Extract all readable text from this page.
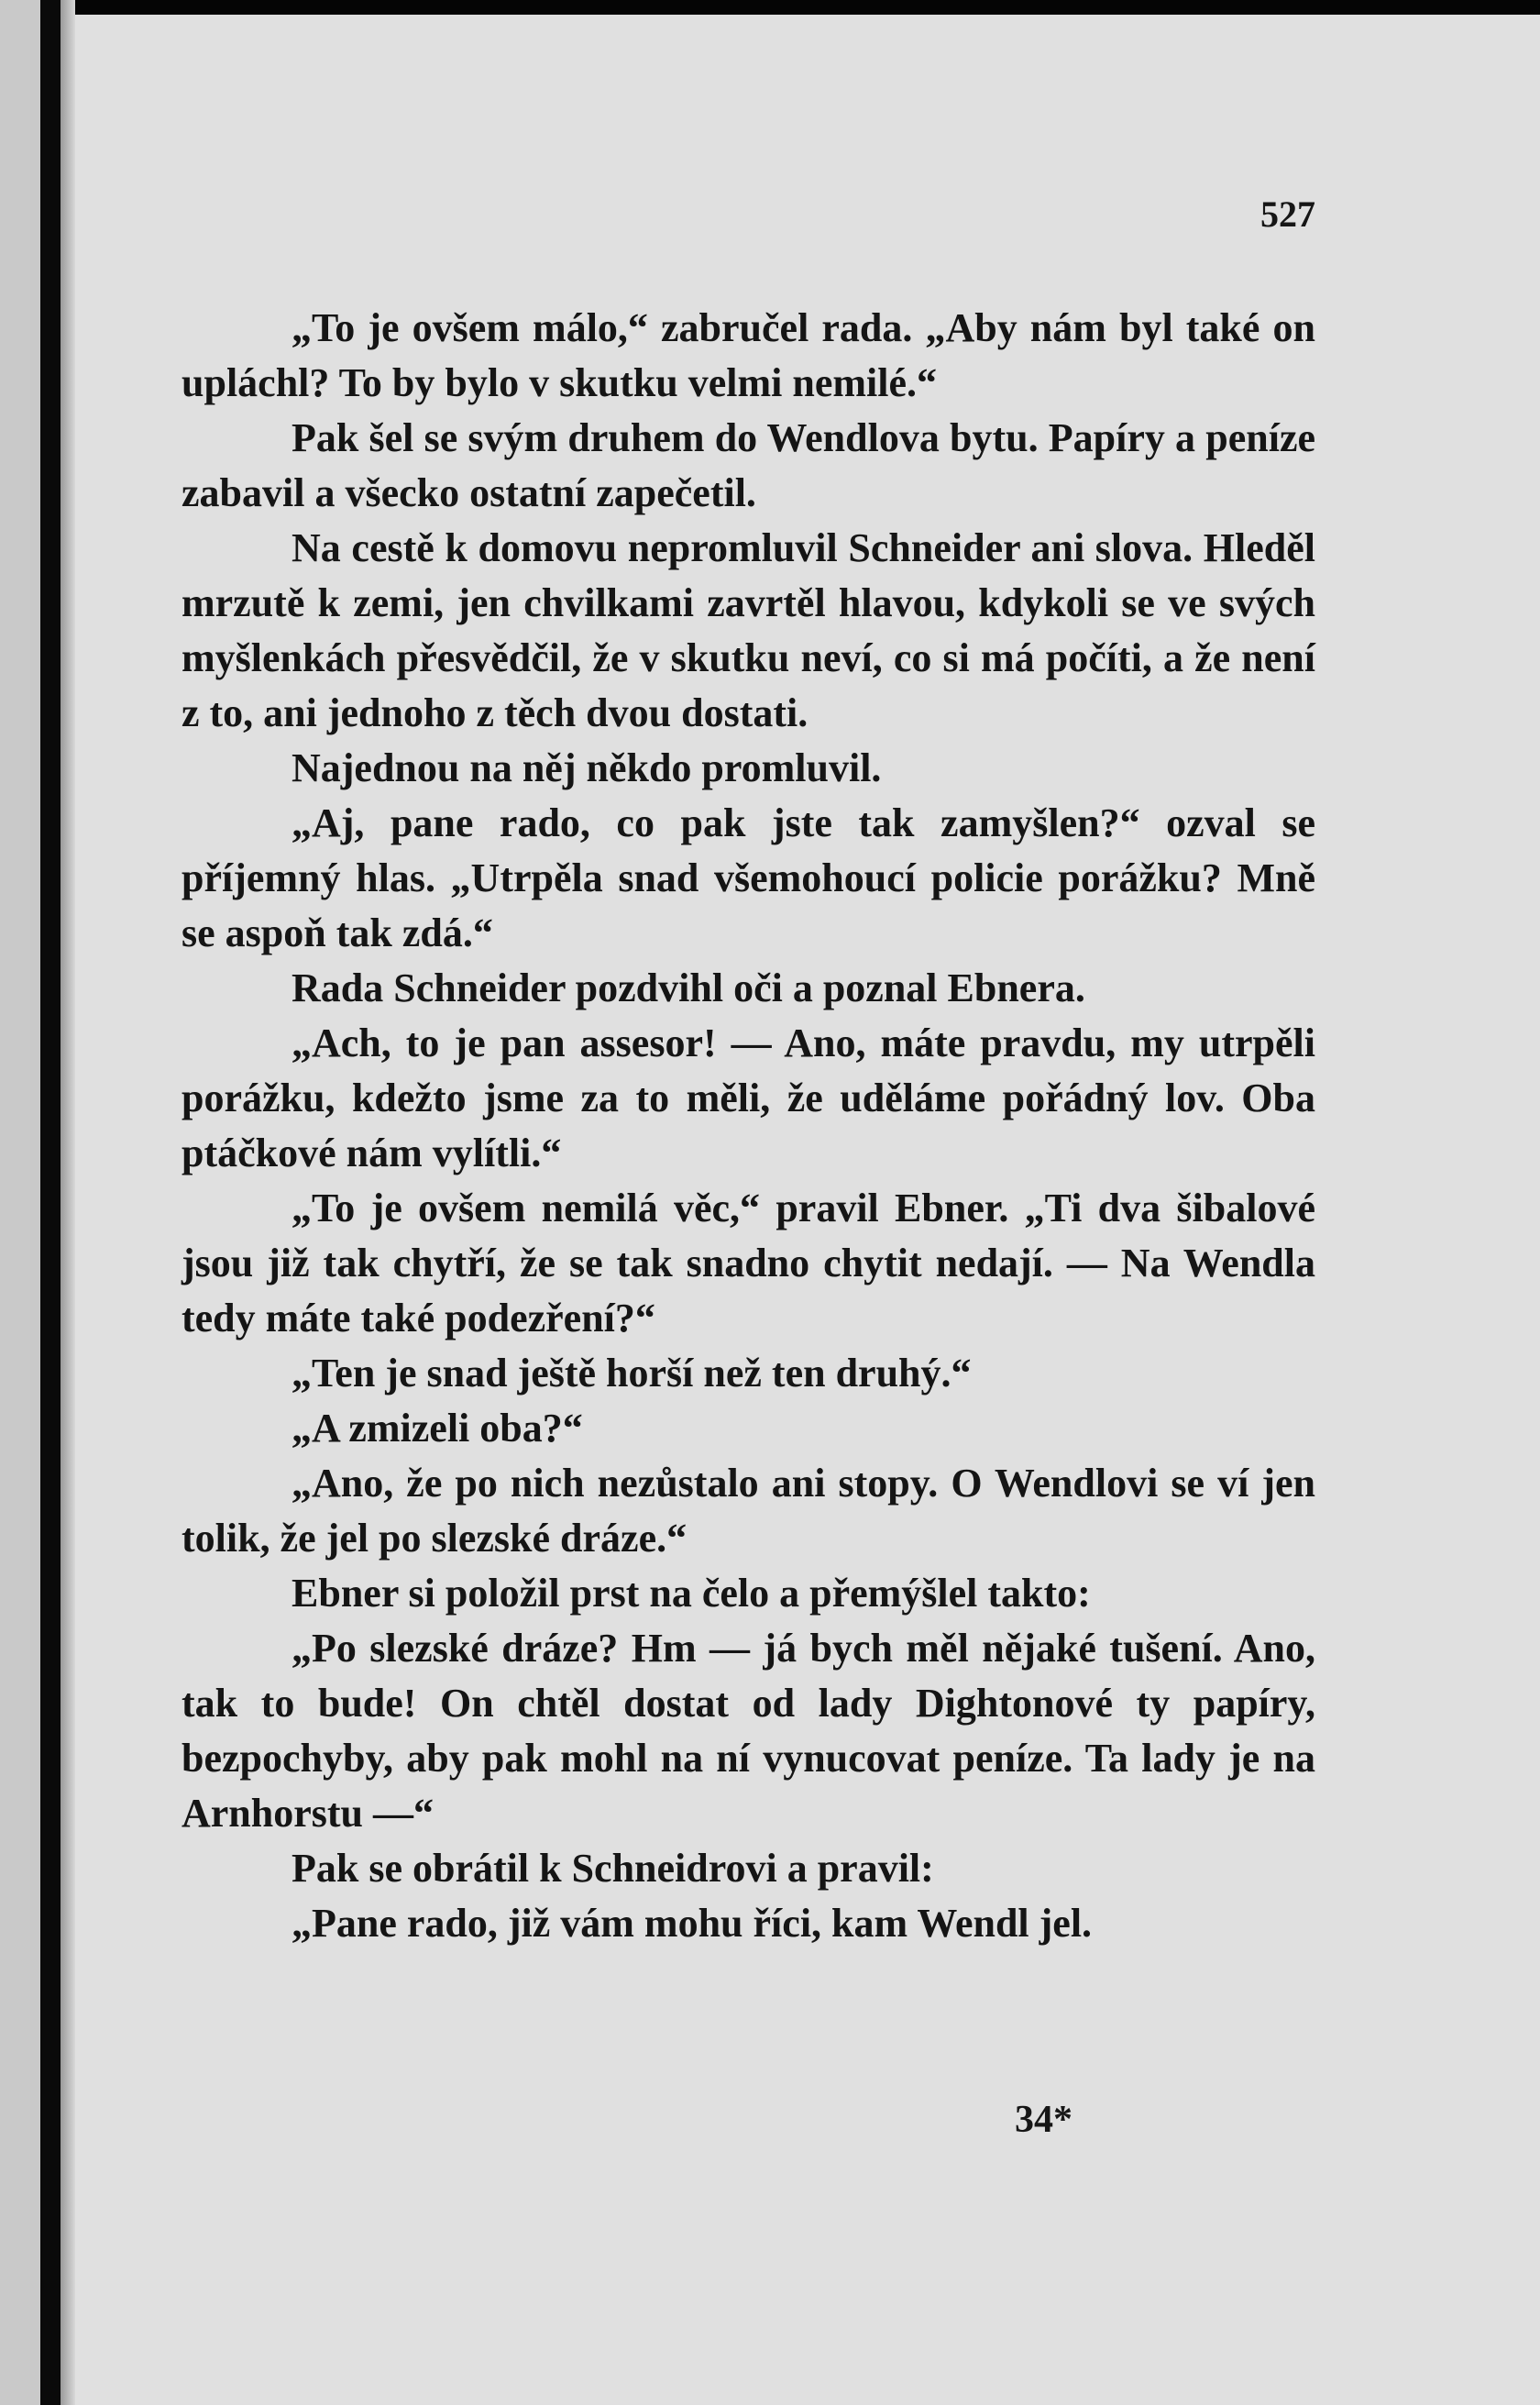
527

„To je ovšem málo,“ zabručel rada. „Aby nám byl také on upláchl? To by bylo v skutku velmi nemilé.“

Pak šel se svým druhem do Wendlova bytu. Papíry a peníze zabavil a všecko ostatní zapečetil.

Na cestě k domovu nepromluvil Schneider ani slova. Hleděl mrzutě k zemi, jen chvilkami zavrtěl hlavou, kdykoli se ve svých myšlenkách přesvědčil, že v skutku neví, co si má počíti, a že není z to, ani jednoho z těch dvou dostati.

Najednou na něj někdo promluvil.

„Aj, pane rado, co pak jste tak zamyšlen?“ ozval se příjemný hlas. „Utrpěla snad všemohoucí policie porážku? Mně se aspoň tak zdá.“

Rada Schneider pozdvihl oči a poznal Ebnera.

„Ach, to je pan assesor! — Ano, máte pravdu, my utrpěli porážku, kdežto jsme za to měli, že uděláme pořádný lov. Oba ptáčkové nám vylítli.“

„To je ovšem nemilá věc,“ pravil Ebner. „Ti dva šibalové jsou již tak chytří, že se tak snadno chytit nedají. — Na Wendla tedy máte také podezření?“

„Ten je snad ještě horší než ten druhý.“

„A zmizeli oba?“

„Ano, že po nich nezůstalo ani stopy. O Wendlovi se ví jen tolik, že jel po slezské dráze.“

Ebner si položil prst na čelo a přemýšlel takto:

„Po slezské dráze? Hm — já bych měl nějaké tušení. Ano, tak to bude! On chtěl dostat od lady Dightonové ty papíry, bezpochyby, aby pak mohl na ní vynucovat peníze. Ta lady je na Arnhorstu —“

Pak se obrátil k Schneidrovi a pravil:

„Pane rado, již vám mohu říci, kam Wendl jel.

34*
